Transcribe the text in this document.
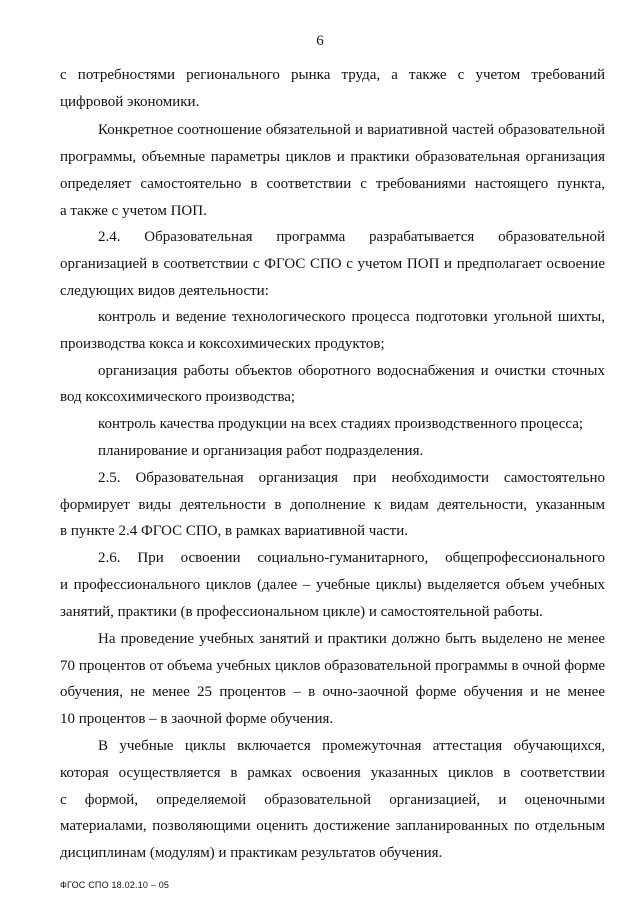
6
с потребностями регионального рынка труда, а также с учетом требований
цифровой экономики.
Конкретное соотношение обязательной и вариативной частей образовательной
программы, объемные параметры циклов и практики образовательная организация
определяет самостоятельно в соответствии с требованиями настоящего пункта,
а также с учетом ПОП.
2.4. Образовательная программа разрабатывается образовательной
организацией в соответствии с ФГОС СПО с учетом ПОП и предполагает освоение
следующих видов деятельности:
контроль и ведение технологического процесса подготовки угольной шихты,
производства кокса и коксохимических продуктов;
организация работы объектов оборотного водоснабжения и очистки сточных
вод коксохимического производства;
контроль качества продукции на всех стадиях производственного процесса;
планирование и организация работ подразделения.
2.5. Образовательная организация при необходимости самостоятельно
формирует виды деятельности в дополнение к видам деятельности, указанным
в пункте 2.4 ФГОС СПО, в рамках вариативной части.
2.6. При освоении социально-гуманитарного, общепрофессионального
и профессионального циклов (далее – учебные циклы) выделяется объем учебных
занятий, практики (в профессиональном цикле) и самостоятельной работы.
На проведение учебных занятий и практики должно быть выделено не менее
70 процентов от объема учебных циклов образовательной программы в очной форме
обучения, не менее 25 процентов – в очно-заочной форме обучения и не менее
10 процентов – в заочной форме обучения.
В учебные циклы включается промежуточная аттестация обучающихся,
которая осуществляется в рамках освоения указанных циклов в соответствии
с формой, определяемой образовательной организацией, и оценочными
материалами, позволяющими оценить достижение запланированных по отдельным
дисциплинам (модулям) и практикам результатов обучения.
ФГОС СПО 18.02.10 – 05
